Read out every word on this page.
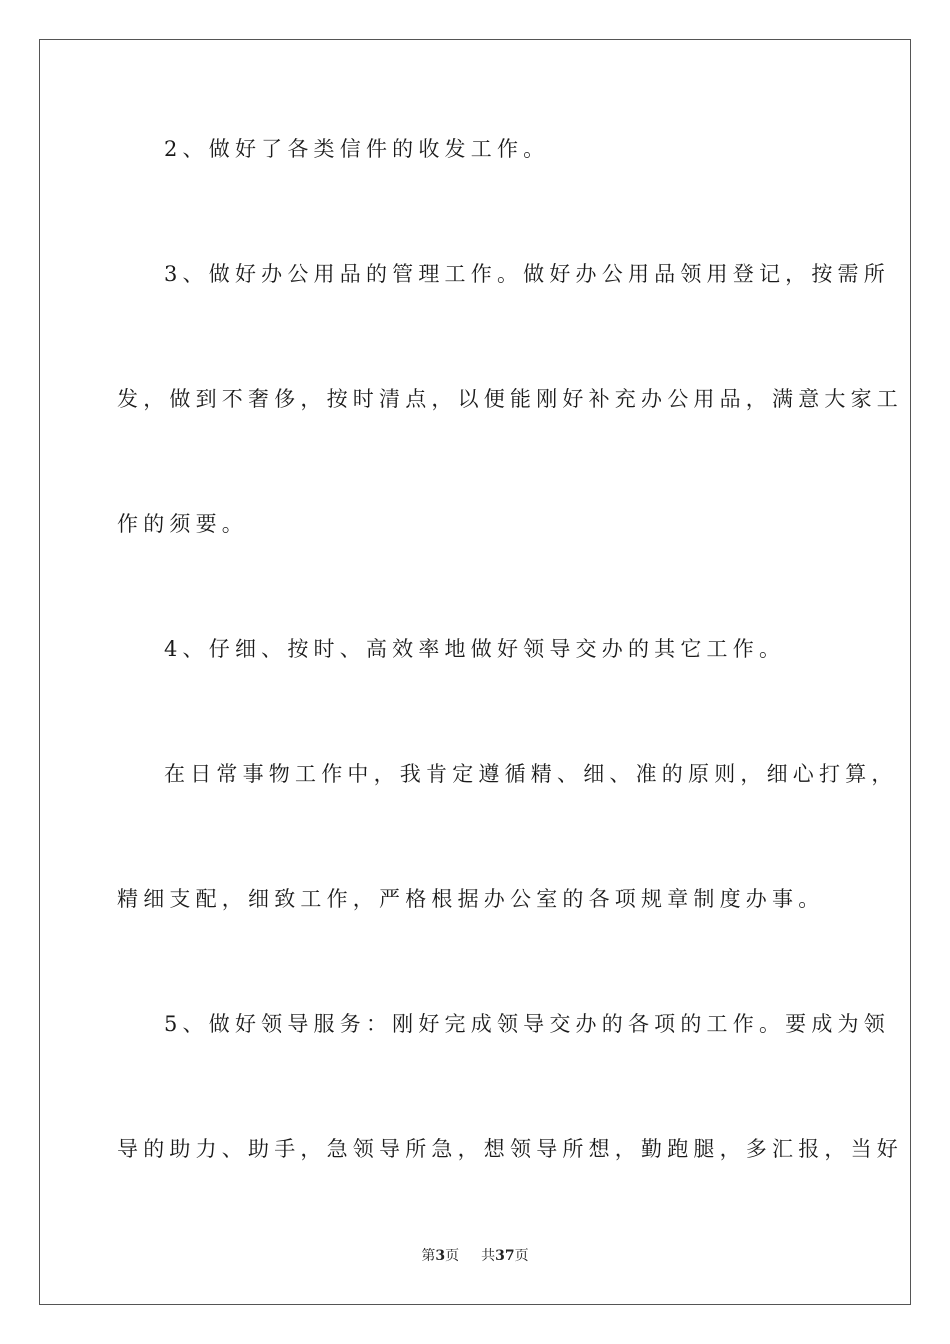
2、做好了各类信件的收发工作。
3、做好办公用品的管理工作。做好办公用品领用登记，按需所
发，做到不奢侈，按时清点，以便能刚好补充办公用品，满意大家工
作的须要。
4、仔细、按时、高效率地做好领导交办的其它工作。
在日常事物工作中，我肯定遵循精、细、准的原则，细心打算，
精细支配，细致工作，严格根据办公室的各项规章制度办事。
5、做好领导服务：刚好完成领导交办的各项的工作。要成为领
导的助力、助手，急领导所急，想领导所想，勤跑腿，多汇报，当好
第3页 共37页
